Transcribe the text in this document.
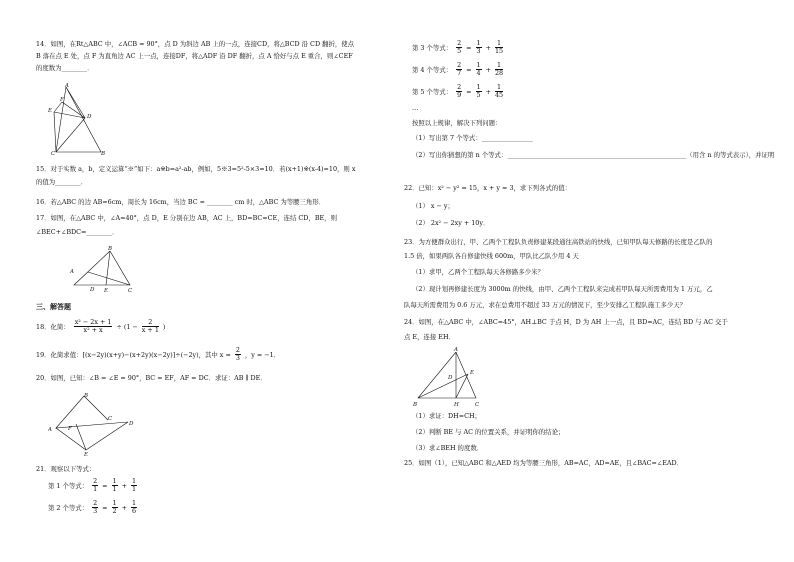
14．如图，在Rt△ABC 中，∠ACB = 90°，点 D 为斜边 AB 上的一点，连接CD，将△BCD 沿 CD 翻折，使点
B 落在点 E 处，点 F 为直角边 AC 上一点，连接DF，将△ADF 沿 DF 翻折，点 A 恰好与点 E 重合，则∠CEF
的度数为________．
A
F
E
D
C	B
15．对于实数 a，b，定义运算“※”如下：a※b=a²-ab，例如，5※3=5²-5×3=10．若(x+1)※(x-4)=10，则 x
的值为________．
16．若△ABC 的边 AB=6cm，周长为 16cm，当边 BC = ________ cm 时，△ABC 为等腰三角形．
17．如图，在△ABC 中，∠A=40°，点 D，E 分别在边 AB，AC 上，BD=BC=CE，连结 CD，BE，则
∠BEC+∠BDC=________．
B
A
D E	C
三、解答题
18．化简： $\frac{\text{x² − 2x + 1}}{\text{x² + x}} \div (1 - \frac{2}{x + 1}$ )
19．化简求值：[(x−2y)(x+y)−(x+2y)(x−2y)]÷(−2y)，其中 $x = \frac{2}{3}$ ，y = −1．
20．如图，已知：∠B = ∠E = 90°，BC = EF，AF = DC．求证：AB ∥ DE．
B
C
A	F
D
E
21．观察以下等式：
第 1 个等式： $\frac{2}{1} = \frac{1}{1} + \frac{1}{1}$
第 2 个等式： $\frac{2}{3} = \frac{1}{2} + \frac{1}{6}$
第 3 个等式： $\frac{2}{5} = \frac{1}{3} + \frac{1}{15}$
第 4 个等式： $\frac{2}{7} = \frac{1}{4} + \frac{1}{28}$
第 5 个等式： $\frac{2}{9} = \frac{1}{5} + \frac{1}{45}$
…
按照以上规律，解决下列问题：
（1）写出第 7 个等式：________________
（2）写出你猜想的第 n 个等式：________________________________________________________（用含 n 的等式表示），并证明
22．已知：x² − y² = 15，x + y = 3，求下列各式的值：
（1） x − y；
（2） 2x² − 2xy + 10y．
23．为方便群众出行，甲、乙两个工程队负责修建某段通往高铁站的快线，已知甲队每天修路的长度是乙队的
1.5 倍，如果两队各自修建快线 600m，甲队比乙队少用 4 天
（1）求甲，乙两个工程队每天各修路多少米？
（2）现计划再修建长度为 3000m 的快线，由甲、乙两个工程队来完成若甲队每天所需费用为 1 万元，乙
队每天所需费用为 0.6 万元，求在总费用不超过 33 万元的情况下，至少安排乙工程队施工多少天？
24．如图，在△ABC 中，∠ABC=45°，AH⊥BC 于点 H，D 为 AH 上一点，且 BD=AC，连结 BD 与 AC 交于
点 E，连接 EH．
A
D
E
B	H	C
（1）求证：DH=CH；
（2）判断 BE 与 AC 的位置关系，并证明你的结论；
（3）求∠BEH 的度数．
25．如图（1），已知△ABC 和△AED 均为等腰三角形，AB=AC，AD=AE，且∠BAC=∠EAD．
